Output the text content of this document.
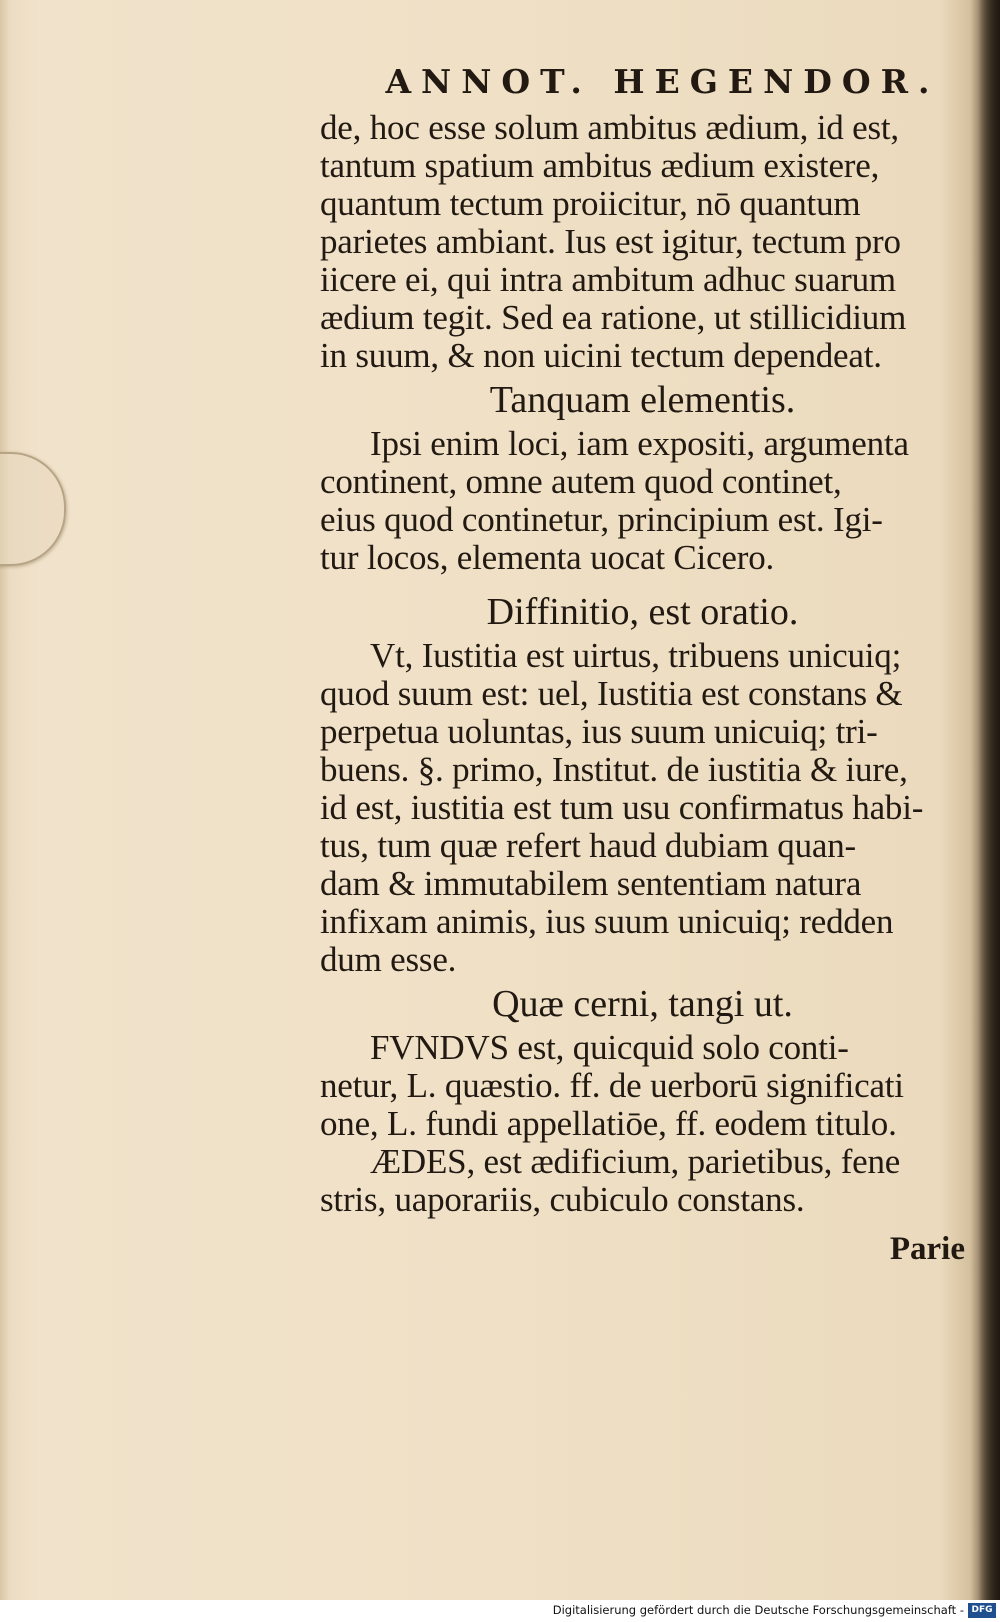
ANNOT. HEGENDOR.
de, hoc esse solum ambitus ædium, id est,
tantum spatium ambitus ædium existere,
quantum tectum proiicitur, nō quantum
parietes ambiant. Ius est igitur, tectum pro
iicere ei, qui intra ambitum adhuc suarum
ædium tegit. Sed ea ratione, ut stillicidium
in suum, & non uicini tectum dependeat.
Tanquam elementis.
Ipsi enim loci, iam expositi, argumenta
continent, omne autem quod continet,
eius quod continetur, principium est. Igi-
tur locos, elementa uocat Cicero.
Diffinitio, est oratio.
Vt, Iustitia est uirtus, tribuens unicuiq;
quod suum est: uel, Iustitia est constans &
perpetua uoluntas, ius suum unicuiq; tri-
buens. §. primo, Institut. de iustitia & iure,
id est, iustitia est tum usu confirmatus habi-
tus, tum quæ refert haud dubiam quan-
dam & immutabilem sententiam natura
infixam animis, ius suum unicuiq; redden
dum esse.
Quæ cerni, tangi ut.
FVNDVS est, quicquid solo conti-
netur, L. quæstio. ff. de uerborū significati
one, L. fundi appellatiōe, ff. eodem titulo.
ÆDES, est ædificium, parietibus, fene
stris, uaporariis, cubiculo constans.
Parie
Digitalisierung gefördert durch die Deutsche Forschungsgemeinschaft - DFG
